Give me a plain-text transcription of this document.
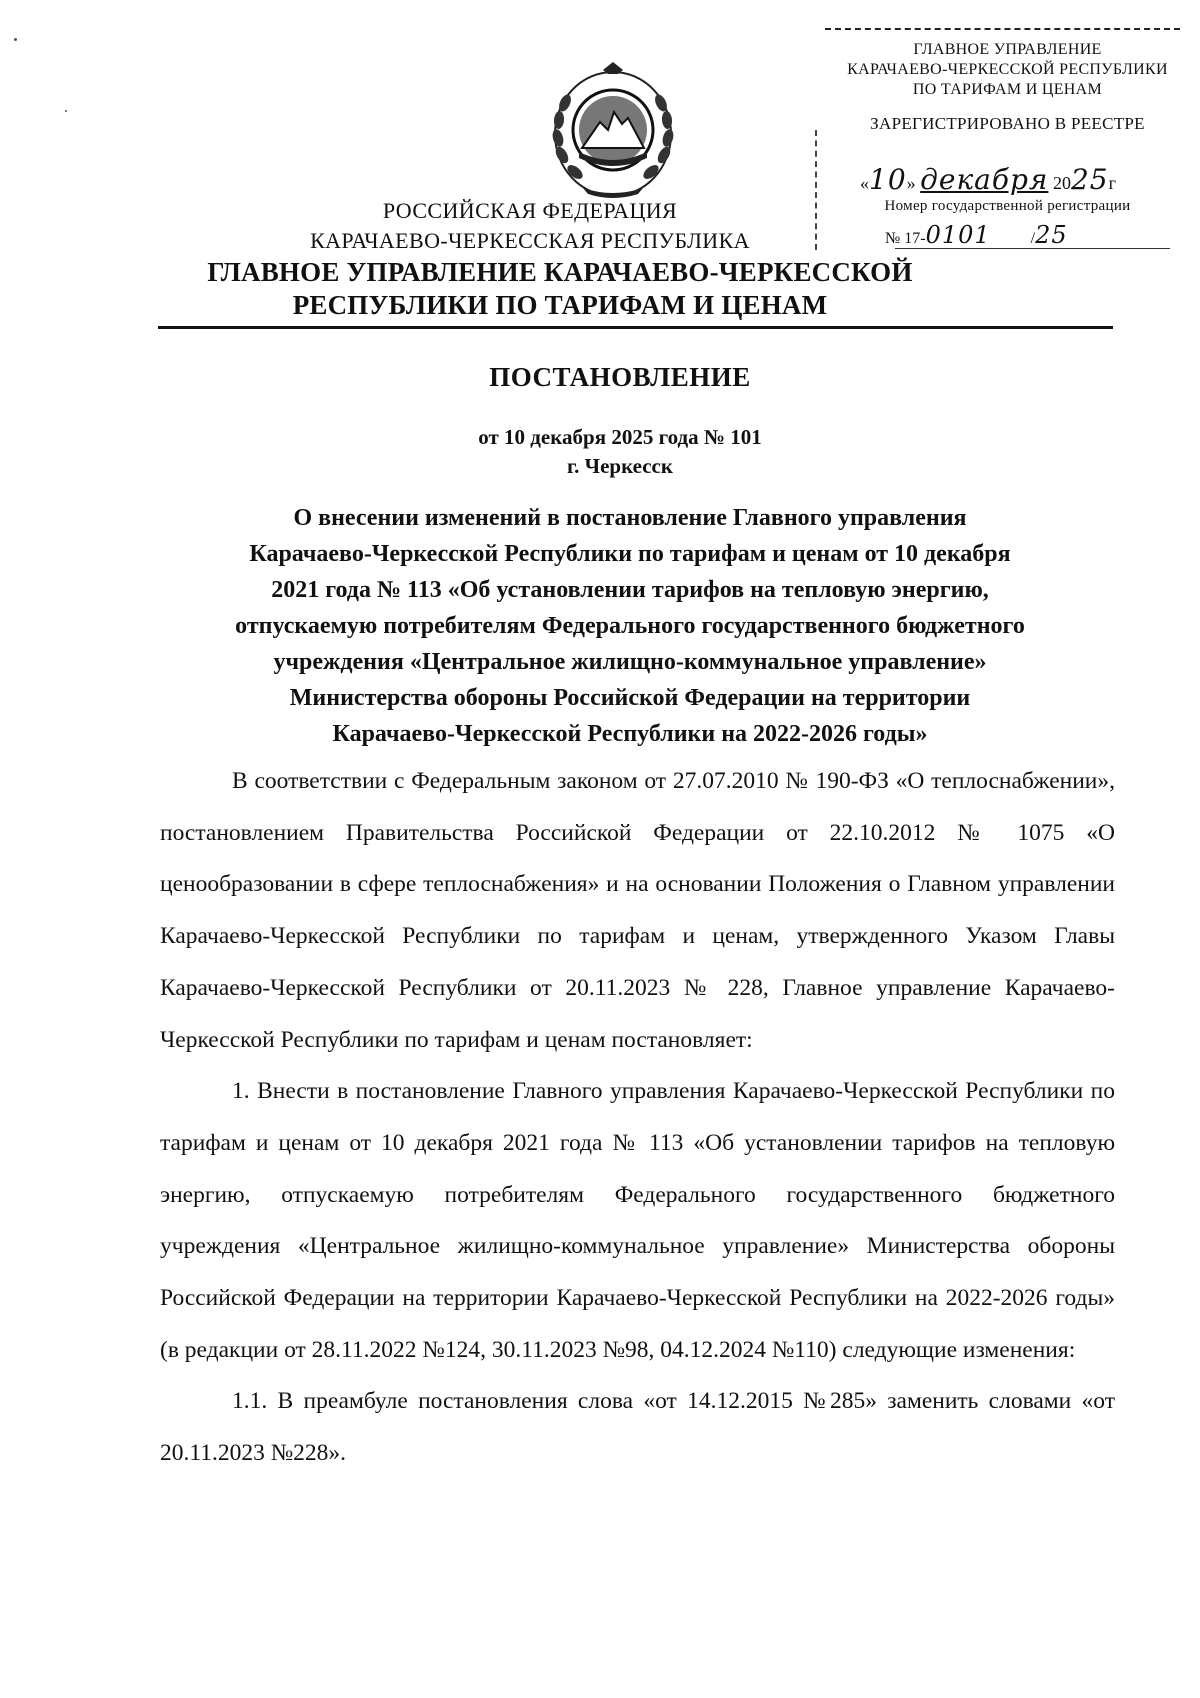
ГЛАВНОЕ УПРАВЛЕНИЕ
КАРАЧАЕВО-ЧЕРКЕССКОЙ РЕСПУБЛИКИ
ПО ТАРИФАМ И ЦЕНАМ
ЗАРЕГИСТРИРОВАНО В РЕЕСТРЕ
«10» декабря 2025г
Номер государственной регистрации
№ 17-0101	/25
РОССИЙСКАЯ ФЕДЕРАЦИЯ
КАРАЧАЕВО-ЧЕРКЕССКАЯ РЕСПУБЛИКА
ГЛАВНОЕ УПРАВЛЕНИЕ КАРАЧАЕВО-ЧЕРКЕССКОЙ
РЕСПУБЛИКИ ПО ТАРИФАМ И ЦЕНАМ
ПОСТАНОВЛЕНИЕ
от 10 декабря 2025 года № 101
г. Черкесск
О внесении изменений в постановление Главного управления
Карачаево-Черкесской Республики по тарифам и ценам от 10 декабря
2021 года № 113 «Об установлении тарифов на тепловую энергию,
отпускаемую потребителям Федерального государственного бюджетного
учреждения «Центральное жилищно-коммунальное управление»
Министерства обороны Российской Федерации на территории
Карачаево-Черкесской Республики на 2022-2026 годы»

В соответствии с Федеральным законом от 27.07.2010 № 190-ФЗ «О теплоснабжении», постановлением Правительства Российской Федерации от 22.10.2012 № 1075 «О ценообразовании в сфере теплоснабжения» и на основании Положения о Главном управлении Карачаево-Черкесской Республики по тарифам и ценам, утвержденного Указом Главы Карачаево-Черкесской Республики от 20.11.2023 № 228, Главное управление Карачаево-Черкесской Республики по тарифам и ценам постановляет:

1. Внести в постановление Главного управления Карачаево-Черкесской Республики по тарифам и ценам от 10 декабря 2021 года № 113 «Об установлении тарифов на тепловую энергию, отпускаемую потребителям Федерального государственного бюджетного учреждения «Центральное жилищно-коммунальное управление» Министерства обороны Российской Федерации на территории Карачаево-Черкесской Республики на 2022-2026 годы» (в редакции от 28.11.2022 №124, 30.11.2023 №98, 04.12.2024 №110) следующие изменения:

1.1. В преамбуле постановления слова «от 14.12.2015 №285» заменить словами «от 20.11.2023 №228».
